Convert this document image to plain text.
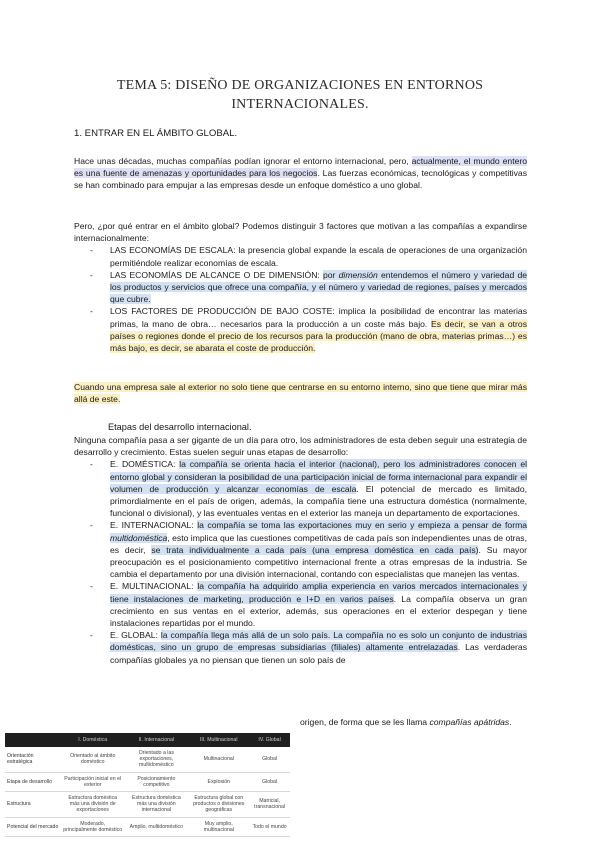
TEMA 5: DISEÑO DE ORGANIZACIONES EN ENTORNOS INTERNACIONALES.
1. ENTRAR EN EL ÁMBITO GLOBAL.
Hace unas décadas, muchas compañías podían ignorar el entorno internacional, pero, actualmente, el mundo entero es una fuente de amenazas y oportunidades para los negocios. Las fuerzas económicas, tecnológicas y competitivas se han combinado para empujar a las empresas desde un enfoque doméstico a uno global.

Pero, ¿por qué entrar en el ámbito global? Podemos distinguir 3 factores que motivan a las compañías a expandirse internacionalmente:

- LAS ECONOMÍAS DE ESCALA: la presencia global expande la escala de operaciones de una organización permitiéndole realizar economías de escala.
- LAS ECONOMÍAS DE ALCANCE O DE DIMENSIÓN: por dimensión entendemos el número y variedad de los productos y servicios que ofrece una compañía, y el número y variedad de regiones, países y mercados que cubre.
- LOS FACTORES DE PRODUCCIÓN DE BAJO COSTE: implica la posibilidad de encontrar las materias primas, la mano de obra… necesarios para la producción a un coste más bajo. Es decir, se van a otros países o regiones donde el precio de los recursos para la producción (mano de obra, materias primas…) es más bajo, es decir, se abarata el coste de producción.
Cuando una empresa sale al exterior no solo tiene que centrarse en su entorno interno, sino que tiene que mirar más allá de este.
Etapas del desarrollo internacional.

Ninguna compañía pasa a ser gigante de un día para otro, los administradores de esta deben seguir una estrategia de desarrollo y crecimiento. Estas suelen seguir unas etapas de desarrollo:

- E. DOMÉSTICA: la compañía se orienta hacia el interior (nacional), pero los administradores conocen el entorno global y consideran la posibilidad de una participación inicial de forma internacional para expandir el volumen de producción y alcanzar economías de escala. El potencial de mercado es limitado, primordialmente en el país de origen, además, la compañía tiene una estructura doméstica (normalmente, funcional o divisional), y las eventuales ventas en el exterior las maneja un departamento de exportaciones.
- E. INTERNACIONAL: la compañía se toma las exportaciones muy en serio y empieza a pensar de forma multidoméstica, esto implica que las cuestiones competitivas de cada país son independientes unas de otras, es decir, se trata individualmente a cada país (una empresa doméstica en cada país). Su mayor preocupación es el posicionamiento competitivo internacional frente a otras empresas de la industria. Se cambia el departamento por una división internacional, contando con especialistas que manejen las ventas.
- E. MULTINACIONAL: la compañía ha adquirido amplia experiencia en varios mercados internacionales y tiene instalaciones de marketing, producción e I+D en varios países. La compañía observa un gran crecimiento en sus ventas en el exterior, además, sus operaciones en el exterior despegan y tiene instalaciones repartidas por el mundo.
- E. GLOBAL: la compañía llega más allá de un solo país. La compañía no es solo un conjunto de industrias domésticas, sino un grupo de empresas subsidiarias (filiales) altamente entrelazadas. Las verdaderas compañías globales ya no piensan que tienen un solo país de
origen, de forma que se les llama compañías apátridas.
	I. Doméstica	II. Internacional	III. Multinacional	IV. Global
Orientación estratégica	Orientado al ámbito doméstico	Orientado a las exportaciones, multidoméstico	Multinacional	Global
Etapa de desarrollo	Participación inicial en el exterior	Posicionamiento competitivo	Explosión	Global
Estructura	Estructura doméstica más una división de exportaciones	Estructura doméstica más una división internacional	Estructura global con productos o divisiones geográficas	Matricial, transnacional
Potencial del mercado	Moderado, principalmente doméstico	Amplio, multidoméstico	Muy amplio, multinacional	Todo el mundo
